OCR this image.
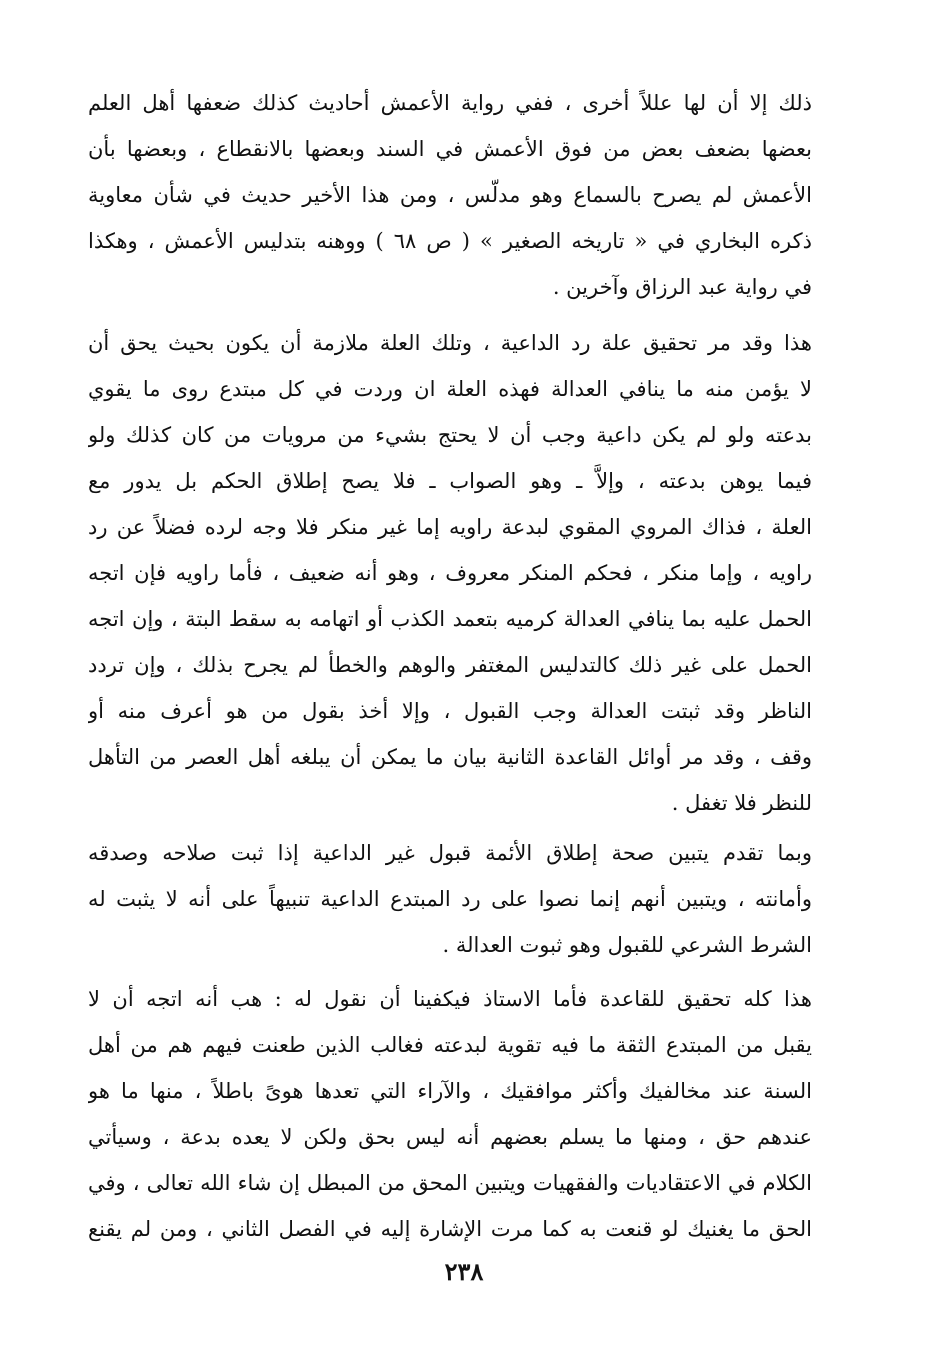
ذلك إلا أن لها عللاً أخرى ، ففي رواية الأعمش أحاديث كذلك ضعفها أهل العلم
بعضها بضعف بعض من فوق الأعمش في السند وبعضها بالانقطاع ، وبعضها بأن
الأعمش لم يصرح بالسماع وهو مدلّس ، ومن هذا الأخير حديث في شأن معاوية
ذكره البخاري في « تاريخه الصغير » ( ص ٦٨ ) ووهنه بتدليس الأعمش ، وهكذا
في رواية عبد الرزاق وآخرين .
هذا وقد مر تحقيق علة رد الداعية ، وتلك العلة ملازمة أن يكون بحيث يحق أن
لا يؤمن منه ما ينافي العدالة فهذه العلة ان وردت في كل مبتدع روى ما يقوي
بدعته ولو لم يكن داعية وجب أن لا يحتج بشيء من مرويات من كان كذلك ولو
فيما يوهن بدعته ، وإلاَّ ـ وهو الصواب ـ فلا يصح إطلاق الحكم بل يدور مع
العلة ، فذاك المروي المقوي لبدعة راويه إما غير منكر فلا وجه لرده فضلاً عن رد
راويه ، وإما منكر ، فحكم المنكر معروف ، وهو أنه ضعيف ، فأما راويه فإن اتجه
الحمل عليه بما ينافي العدالة كرميه بتعمد الكذب أو اتهامه به سقط البتة ، وإن اتجه
الحمل على غير ذلك كالتدليس المغتفر والوهم والخطأ لم يجرح بذلك ، وإن تردد
الناظر وقد ثبتت العدالة وجب القبول ، وإلا أخذ بقول من هو أعرف منه أو
وقف ، وقد مر أوائل القاعدة الثانية بيان ما يمكن أن يبلغه أهل العصر من التأهل
للنظر فلا تغفل .
وبما تقدم يتبين صحة إطلاق الأئمة قبول غير الداعية إذا ثبت صلاحه وصدقه
وأمانته ، ويتبين أنهم إنما نصوا على رد المبتدع الداعية تنبيهاً على أنه لا يثبت له
الشرط الشرعي للقبول وهو ثبوت العدالة .
هذا كله تحقيق للقاعدة فأما الاستاذ فيكفينا أن نقول له : هب أنه اتجه أن لا
يقبل من المبتدع الثقة ما فيه تقوية لبدعته فغالب الذين طعنت فيهم هم من أهل
السنة عند مخالفيك وأكثر موافقيك ، والآراء التي تعدها هوىً باطلاً ، منها ما هو
عندهم حق ، ومنها ما يسلم بعضهم أنه ليس بحق ولكن لا يعده بدعة ، وسيأتي
الكلام في الاعتقاديات والفقهيات ويتبين المحق من المبطل إن شاء الله تعالى ، وفي
الحق ما يغنيك لو قنعت به كما مرت الإشارة إليه في الفصل الثاني ، ومن لم يقنع
٢٣٨
